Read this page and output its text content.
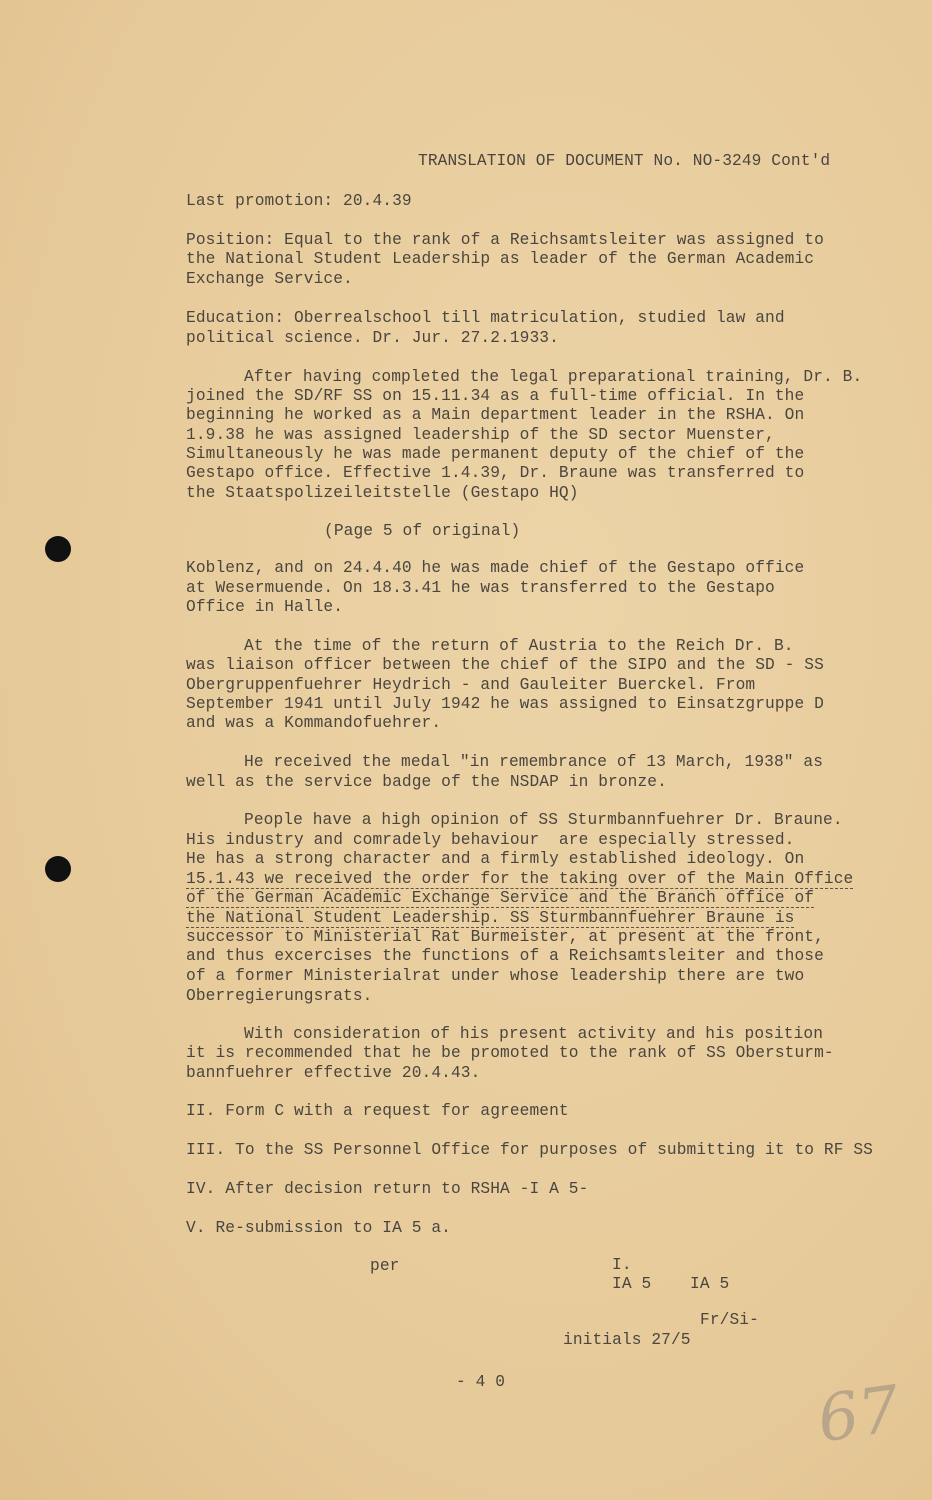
TRANSLATION OF DOCUMENT No. NO-3249 Cont'd
Last promotion: 20.4.39
Position: Equal to the rank of a Reichsamtsleiter was assigned to
the National Student Leadership as leader of the German Academic
Exchange Service.
Education: Oberrealschool till matriculation, studied law and
political science. Dr. Jur. 27.2.1933.
After having completed the legal preparational training, Dr. B.
joined the SD/RF SS on 15.11.34 as a full-time official. In the
beginning he worked as a Main department leader in the RSHA. On
1.9.38 he was assigned leadership of the SD sector Muenster,
Simultaneously he was made permanent deputy of the chief of the
Gestapo office. Effective 1.4.39, Dr. Braune was transferred to
the Staatspolizeileitstelle (Gestapo HQ)
(Page 5 of original)
Koblenz, and on 24.4.40 he was made chief of the Gestapo office
at Wesermuende. On 18.3.41 he was transferred to the Gestapo
Office in Halle.
At the time of the return of Austria to the Reich Dr. B.
was liaison officer between the chief of the SIPO and the SD - SS
Obergruppenfuehrer Heydrich - and Gauleiter Buerckel. From
September 1941 until July 1942 he was assigned to Einsatzgruppe D
and was a Kommandofuehrer.
He received the medal "in remembrance of 13 March, 1938" as
well as the service badge of the NSDAP in bronze.
People have a high opinion of SS Sturmbannfuehrer Dr. Braune.
His industry and comradely behaviour  are especially stressed.
He has a strong character and a firmly established ideology. On
15.1.43 we received the order for the taking over of the Main Office
of the German Academic Exchange Service and the Branch office of
the National Student Leadership. SS Sturmbannfuehrer Braune is
successor to Ministerial Rat Burmeister, at present at the front,
and thus excercises the functions of a Reichsamtsleiter and those
of a former Ministerialrat under whose leadership there are two
Oberregierungsrats.
With consideration of his present activity and his position
it is recommended that he be promoted to the rank of SS Obersturm-
bannfuehrer effective 20.4.43.
II. Form C with a request for agreement
III. To the SS Personnel Office for purposes of submitting it to RF SS
IV. After decision return to RSHA -I A 5-
V. Re-submission to IA 5 a.
per	I.
IA 5 IA 5
Fr/Si-
initials 27/5
- 4 0	67
